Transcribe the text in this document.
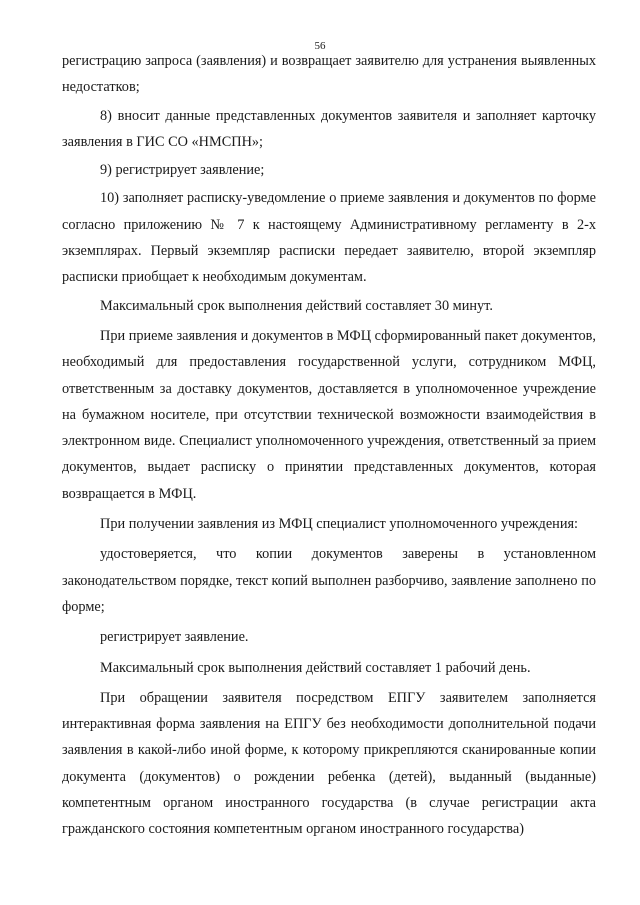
56

регистрацию запроса (заявления) и возвращает заявителю для устранения выявленных недостатков;

8) вносит данные представленных документов заявителя и заполняет карточку заявления в ГИС СО «НМСПН»;

9) регистрирует заявление;

10) заполняет расписку-уведомление о приеме заявления и документов по форме согласно приложению № 7 к настоящему Административному регламенту в 2-х экземплярах. Первый экземпляр расписки передает заявителю, второй экземпляр расписки приобщает к необходимым документам.

Максимальный срок выполнения действий составляет 30 минут.

При приеме заявления и документов в МФЦ сформированный пакет документов, необходимый для предоставления государственной услуги, сотрудником МФЦ, ответственным за доставку документов, доставляется в уполномоченное учреждение на бумажном носителе, при отсутствии технической возможности взаимодействия в электронном виде. Специалист уполномоченного учреждения, ответственный за прием документов, выдает расписку о принятии представленных документов, которая возвращается в МФЦ.

При получении заявления из МФЦ специалист уполномоченного учреждения:

удостоверяется, что копии документов заверены в установленном законодательством порядке, текст копий выполнен разборчиво, заявление заполнено по форме;

регистрирует заявление.

Максимальный срок выполнения действий составляет 1 рабочий день.

При обращении заявителя посредством ЕПГУ заявителем заполняется интерактивная форма заявления на ЕПГУ без необходимости дополнительной подачи заявления в какой-либо иной форме, к которому прикрепляются сканированные копии документа (документов) о рождении ребенка (детей), выданный (выданные) компетентным органом иностранного государства (в случае регистрации акта гражданского состояния компетентным органом иностранного государства)
